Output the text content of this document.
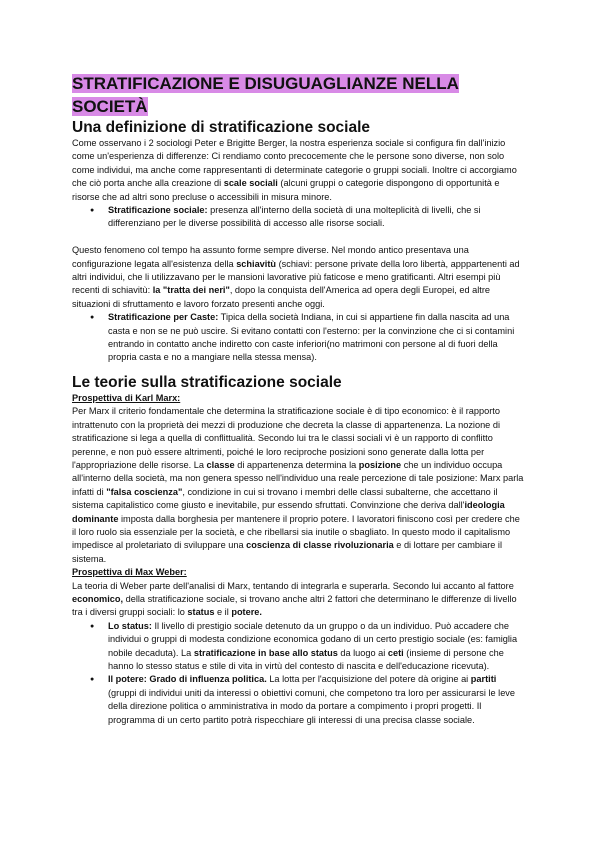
STRATIFICAZIONE E DISUGUAGLIANZE NELLA
SOCIETÀ
Una definizione di stratificazione sociale

Come osservano i 2 sociologi Peter e Brigitte Berger, la nostra esperienza sociale si configura fin dall'inizio come un'esperienza di differenze: Ci rendiamo conto precocemente che le persone sono diverse, non solo come individui, ma anche come rappresentanti di determinate categorie o gruppi sociali. Inoltre ci accorgiamo che ciò porta anche alla creazione di scale sociali (alcuni gruppi o categorie dispongono di opportunità e risorse che ad altri sono precluse o accessibili in misura minore.

● Stratificazione sociale: presenza all'interno della società di una molteplicità di livelli, che si differenziano per le diverse possibilità di accesso alle risorse sociali.

Questo fenomeno col tempo ha assunto forme sempre diverse. Nel mondo antico presentava una configurazione legata all'esistenza della schiavitù (schiavi: persone private della loro libertà, apppartenenti ad altri individui, che li utilizzavano per le mansioni lavorative più faticose e meno gratificanti. Altri esempi più recenti di schiavitù: la "tratta dei neri", dopo la conquista dell'America ad opera degli Europei, ed altre situazioni di sfruttamento e lavoro forzato presenti anche oggi.

● Stratificazione per Caste: Tipica della società Indiana, in cui si appartiene fin dalla nascita ad una casta e non se ne può uscire. Si evitano contatti con l'esterno: per la convinzione che ci si contamini entrando in contatto anche indiretto con caste inferiori(no matrimoni con persone al di fuori della propria casta e no a mangiare nella stessa mensa).
Le teorie sulla stratificazione sociale

Prospettiva di Karl Marx:

Per Marx il criterio fondamentale che determina la stratificazione sociale è di tipo economico: è il rapporto intrattenuto con la proprietà dei mezzi di produzione che decreta la classe di appartenenza. La nozione di stratificazione si lega a quella di conflittualità. Secondo lui tra le classi sociali vi è un rapporto di conflitto perenne, e non può essere altrimenti, poiché le loro reciproche posizioni sono generate dalla lotta per l'appropriazione delle risorse. La classe di appartenenza determina la posizione che un individuo occupa all'interno della società, ma non genera spesso nell'individuo una reale percezione di tale posizione: Marx parla infatti di "falsa coscienza", condizione in cui si trovano i membri delle classi subalterne, che accettano il sistema capitalistico come giusto e inevitabile, pur essendo sfruttati. Convinzione che deriva dall'ideologia dominante imposta dalla borghesia per mantenere il proprio potere. I lavoratori finiscono così per credere che il loro ruolo sia essenziale per la società, e che ribellarsi sia inutile o sbagliato. In questo modo il capitalismo impedisce al proletariato di sviluppare una coscienza di classe rivoluzionaria e di lottare per cambiare il sistema.

Prospettiva di Max Weber:

La teoria di Weber parte dell'analisi di Marx, tentando di integrarla e superarla. Secondo lui accanto al fattore economico, della stratificazione sociale, si trovano anche altri 2 fattori che determinano le differenze di livello tra i diversi gruppi sociali: lo status e il potere.

● Lo status: Il livello di prestigio sociale detenuto da un gruppo o da un individuo. Può accadere che individui o gruppi di modesta condizione economica godano di un certo prestigio sociale (es: famiglia nobile decaduta). La stratificazione in base allo status da luogo ai ceti (insieme di persone che hanno lo stesso status e stile di vita in virtù del contesto di nascita e dell'educazione ricevuta).
● Il potere: Grado di influenza politica. La lotta per l'acquisizione del potere dà origine ai partiti (gruppi di individui uniti da interessi o obiettivi comuni, che competono tra loro per assicurarsi le leve della direzione politica o amministrativa in modo da portare a compimento i propri progetti. Il programma di un certo partito potrà rispecchiare gli interessi di una precisa classe sociale.
